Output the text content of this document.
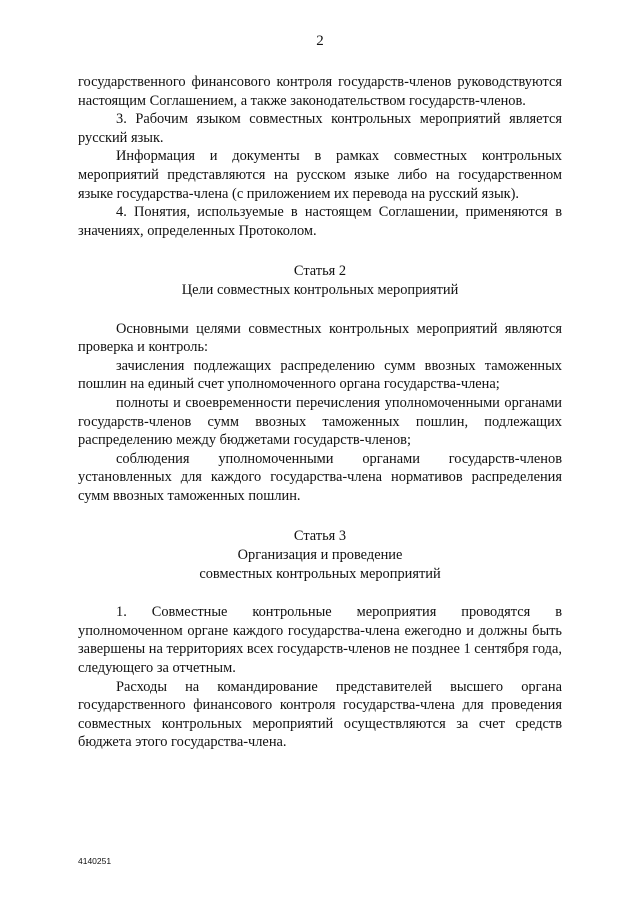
2

государственного финансового контроля государств-членов руководствуются настоящим Соглашением, а также законодательством государств-членов.

3. Рабочим языком совместных контрольных мероприятий является русский язык.

Информация и документы в рамках совместных контрольных мероприятий представляются на русском языке либо на государственном языке государства-члена (с приложением их перевода на русский язык).

4. Понятия, используемые в настоящем Соглашении, применяются в значениях, определенных Протоколом.

Статья 2

Цели совместных контрольных мероприятий

Основными целями совместных контрольных мероприятий являются проверка и контроль:

зачисления подлежащих распределению сумм ввозных таможенных пошлин на единый счет уполномоченного органа государства-члена;

полноты и своевременности перечисления уполномоченными органами государств-членов сумм ввозных таможенных пошлин, подлежащих распределению между бюджетами государств-членов;

соблюдения уполномоченными органами государств-членов установленных для каждого государства-члена нормативов распределения сумм ввозных таможенных пошлин.

Статья 3

Организация и проведение

совместных контрольных мероприятий

1. Совместные контрольные мероприятия проводятся в уполномоченном органе каждого государства-члена ежегодно и должны быть завершены на территориях всех государств-членов не позднее 1 сентября года, следующего за отчетным.

Расходы на командирование представителей высшего органа государственного финансового контроля государства-члена для проведения совместных контрольных мероприятий осуществляются за счет средств бюджета этого государства-члена.

4140251
